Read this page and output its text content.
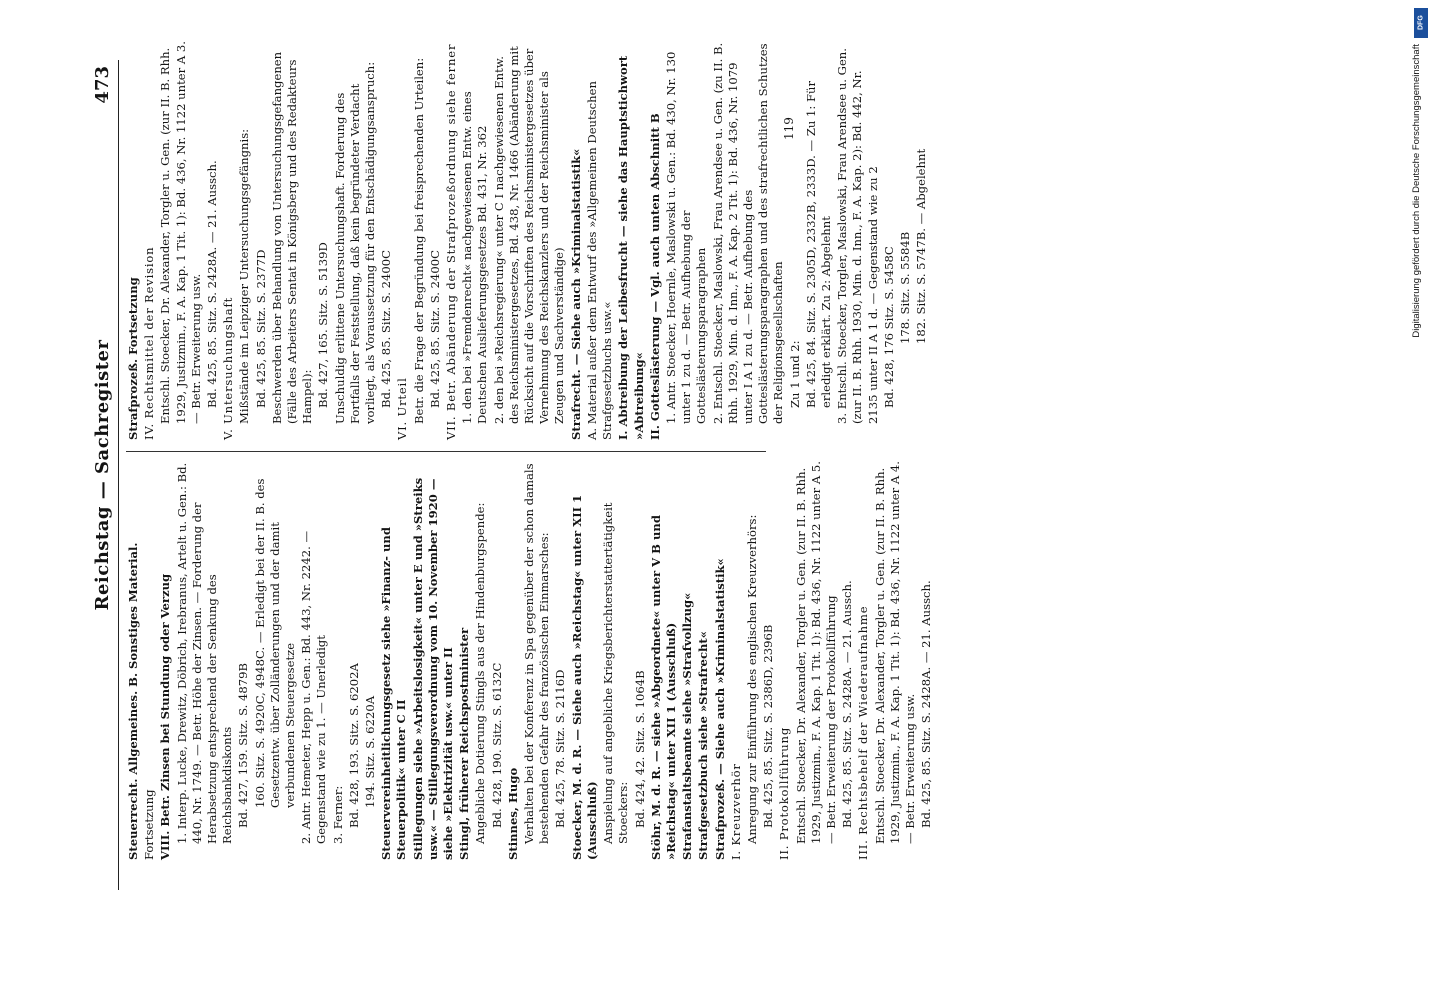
Reichstag — Sachregister
473
Steuerrecht. Allgemeines. B. Sonstiges Material. Fortsetzung VIII. Betr. Zinsen bei Stundung oder Verzug 1. Interp. Lucke, Drewitz, Döbrich, Irebranus, Artelt u. Gen.: Bd. 440, Nr. 1749. — Betr. Höhe der Zinsen. — Forderung der Herabsetzung entsprechend der Senkung des Reichsbankdiskonts Bd. 427, 159. Sitz. S. 4879B 160. Sitz. S. 4920C, 4948C. — Erledigt bei der II. B. des Gesetzentw. über Zolländerungen und der damit verbundenen Steuergesetze 2. Antr. Hemeter, Hepp u. Gen.: Bd. 443, Nr. 2242. — Gegenstand wie zu 1. — Unerledigt 3. Ferner: Bd. 428, 193. Sitz. S. 6202A 194. Sitz. S. 6220A Steuervereinheitlichungsgesetz siehe »Finanz- und Steuerpolitik« unter C II Stillegungen siehe »Arbeitslosigkeit« unter E und »Streiks usw.« — Stillegungsverordnung vom 10. November 1920 — siehe »Elektrizität usw.« unter II Stingl, früherer Reichspostminister Angebliche Dotierung Stingls aus der Hindenburgspende: Bd. 428, 190. Sitz. S. 6132C Stinnes, Hugo Verhalten bei der Konferenz in Spa gegenüber der schon damals bestehenden Gefahr des französischen Einmarsches: Bd. 425, 78. Sitz. S. 2116D Stoecker, M. d. R. — Siehe auch »Reichstag« unter XII 1 (Ausschluß) Anspielung auf angebliche Kriegsberichterstattertätigkeit Stoeckers: Bd. 424, 42. Sitz. S. 1064B Stöhr, M. d. R. — siehe »Abgeordnete« unter V B und »Reichstag« unter XII 1 (Ausschluß) Strafanstaltsbeamte siehe »Strafvollzug« Strafgesetzbuch siehe »Strafrecht« Strafprozeß. — Siehe auch »Kriminalstatistik« I. Kreuzverhör Anregung zur Einführung des englischen Kreuzverhörs: Bd. 425, 85. Sitz. S. 2386D, 2396B II. Protokollführung Entschl. Stoecker, Dr. Alexander, Torgler u. Gen. (zur II. B. Rhh. 1929, Justizmin., F. A. Kap. 1 Tit. 1): Bd. 436, Nr. 1122 unter A 5. — Betr. Erweiterung der Protokollführung Bd. 425, 85. Sitz. S. 2428A. — 21. Aussch. III. Rechtsbehelf der Wiederaufnahme Entschl. Stoecker, Dr. Alexander, Torgler u. Gen. (zur II. B. Rhh. 1929, Justizmin., F. A. Kap. 1 Tit. 1): Bd. 436, Nr. 1122 unter A 4. — Betr. Erweiterung usw. Bd. 425, 85. Sitz. S. 2428A. — 21. Aussch.
Strafprozeß. Fortsetzung IV. Rechtsmittel der Revision Entschl. Stoecker, Dr. Alexander, Torgler u. Gen. (zur II. B. Rhh. 1929, Justizmin., F. A. Kap. 1 Tit. 1): Bd. 436, Nr. 1122 unter A 3. — Betr. Erweiterung usw. Bd. 425, 85. Sitz. S. 2428A. — 21. Aussch. V. Untersuchungshaft Mißstände im Leipziger Untersuchungsgefängnis: Bd. 425, 85. Sitz. S. 2377D Beschwerden über Behandlung von Untersuchungsgefangenen (Fälle des Arbeiters Sentat in Königsberg und des Redakteurs Hampel): Bd. 427, 165. Sitz. S. 5139D Unschuldig erlittene Untersuchungshaft. Forderung des Fortfalls der Feststellung, daß kein begründeter Verdacht vorliegt, als Voraussetzung für den Entschädigungsanspruch: Bd. 425, 85. Sitz. S. 2400C
VI. Urteil Betr. die Frage der Begründung bei freisprechenden Urteilen: Bd. 425, 85. Sitz. S. 2400C VII. Betr. Abänderung der Strafprozeßordnung siehe ferner 1. den bei »Fremdenrecht« nachgewiesenen Entw. eines Deutschen Auslieferungsgesetzes Bd. 431, Nr. 362 2. den bei »Reichsregierung« unter C I nachgewiesenen Entw. des Reichsministergesetzes, Bd. 438, Nr. 1466 (Abänderung mit Rücksicht auf die Vorschriften des Reichsministergesetzes über Vernehmung des Reichskanzlers und der Reichsminister als Zeugen und Sachverständige) Strafrecht. — Siehe auch »Kriminalstatistik« A. Material außer dem Entwurf des »Allgemeinen Deutschen Strafgesetzbuchs usw.« I. Abtreibung der Leibesfrucht — siehe das Hauptstichwort »Abtreibung« II. Gotteslästerung — Vgl. auch unten Abschnitt B 1. Antr. Stoecker, Hoernle, Maslowski u. Gen.: Bd. 430, Nr. 130 unter 1 zu d. — Betr. Aufhebung der Gotteslästerungsparagraphen 2. Entschl. Stoecker, Maslowski, Frau Arendsee u. Gen. (zu II. B. Rhh. 1929, Min. d. Inn., F. A. Kap. 2 Tit. 1): Bd. 436, Nr. 1079 unter I A 1 zu d. — Betr. Aufhebung des Gotteslästerungsparagraphen und des strafrechtlichen Schutzes der Religionsgesellschaften Zu 1 und 2: Bd. 425, 84. Sitz. S. 2305D, 2332B, 2333D. — Zu 1: Für erledigt erklärt. Zu 2: Abgelehnt 3. Entschl. Stoecker, Torgler, Maslowski, Frau Arendsee u. Gen. (zur II. B. Rhh. 1930, Min. d. Inn., F. A. Kap. 2): Bd. 442, Nr. 2135 unter II A 1 d. — Gegenstand wie zu 2 Bd. 428, 176 Sitz. S. 5458C 178. Sitz. S. 5584B 182. Sitz. S. 5747B. — Abgelehnt
119	Digitalisierung gefördert durch die Deutsche Forschungsgemeinschaft
DFG
